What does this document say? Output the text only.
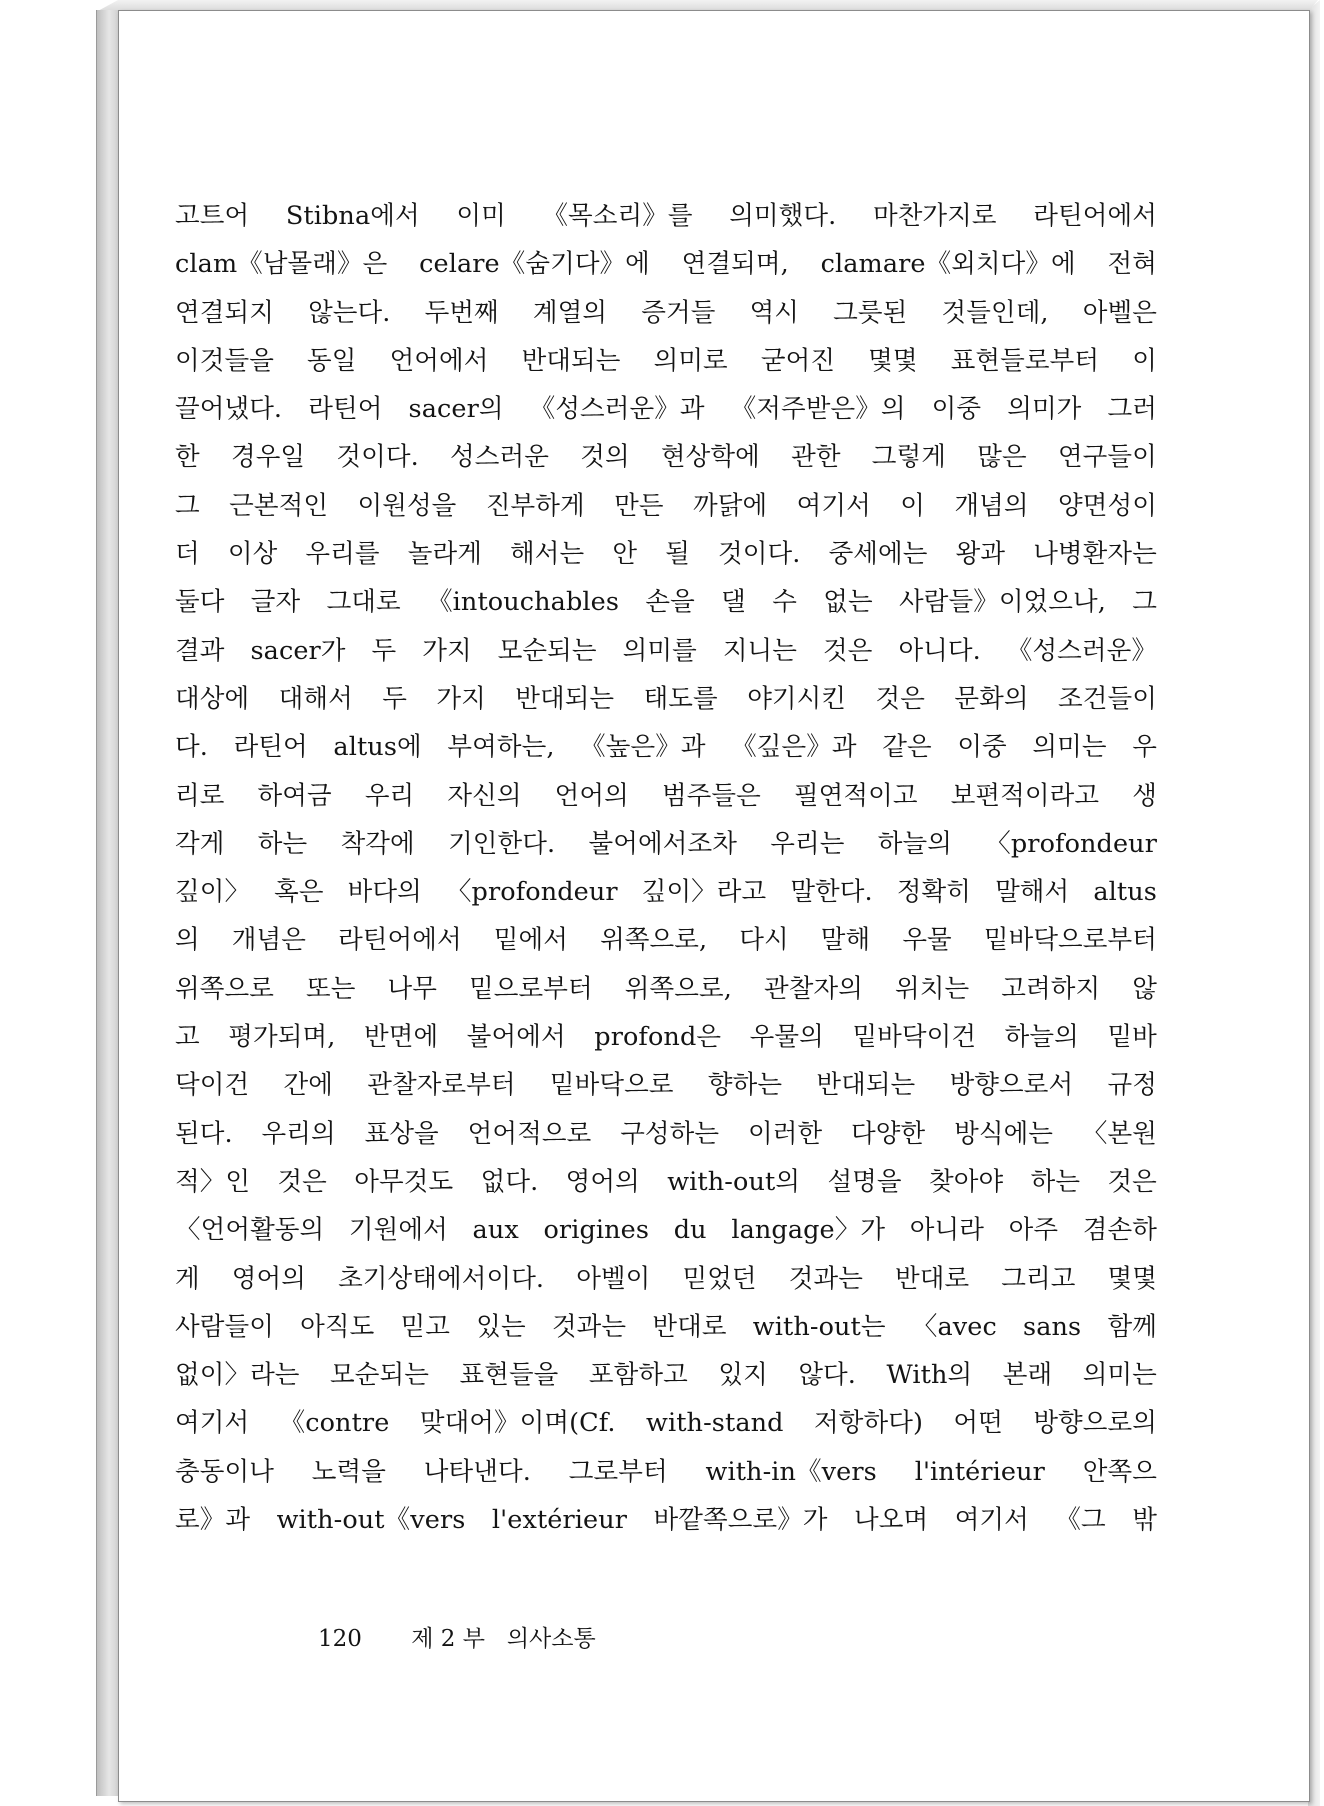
고트어 Stibna에서 이미 《목소리》를 의미했다. 마찬가지로 라틴어에서
clam《남몰래》은 celare《숨기다》에 연결되며, clamare《외치다》에 전혀
연결되지 않는다. 두번째 계열의 증거들 역시 그릇된 것들인데, 아벨은
이것들을 동일 언어에서 반대되는 의미로 굳어진 몇몇 표현들로부터 이
끌어냈다. 라틴어 sacer의 《성스러운》과 《저주받은》의 이중 의미가 그러
한 경우일 것이다. 성스러운 것의 현상학에 관한 그렇게 많은 연구들이
그 근본적인 이원성을 진부하게 만든 까닭에 여기서 이 개념의 양면성이
더 이상 우리를 놀라게 해서는 안 될 것이다. 중세에는 왕과 나병환자는
둘다 글자 그대로 《intouchables 손을 댈 수 없는 사람들》이었으나, 그
결과 sacer가 두 가지 모순되는 의미를 지니는 것은 아니다. 《성스러운》
대상에 대해서 두 가지 반대되는 태도를 야기시킨 것은 문화의 조건들이
다. 라틴어 altus에 부여하는, 《높은》과 《깊은》과 같은 이중 의미는 우
리로 하여금 우리 자신의 언어의 범주들은 필연적이고 보편적이라고 생
각게 하는 착각에 기인한다. 불어에서조차 우리는 하늘의 〈profondeur
깊이〉 혹은 바다의 〈profondeur 깊이〉라고 말한다. 정확히 말해서 altus
의 개념은 라틴어에서 밑에서 위쪽으로, 다시 말해 우물 밑바닥으로부터
위쪽으로 또는 나무 밑으로부터 위쪽으로, 관찰자의 위치는 고려하지 않
고 평가되며, 반면에 불어에서 profond은 우물의 밑바닥이건 하늘의 밑바
닥이건 간에 관찰자로부터 밑바닥으로 향하는 반대되는 방향으로서 규정
된다. 우리의 표상을 언어적으로 구성하는 이러한 다양한 방식에는 〈본원
적〉인 것은 아무것도 없다. 영어의 with-out의 설명을 찾아야 하는 것은
〈언어활동의 기원에서 aux origines du langage〉가 아니라 아주 겸손하
게 영어의 초기상태에서이다. 아벨이 믿었던 것과는 반대로 그리고 몇몇
사람들이 아직도 믿고 있는 것과는 반대로 with-out는 〈avec sans 함께
없이〉라는 모순되는 표현들을 포함하고 있지 않다. With의 본래 의미는
여기서 《contre 맞대어》이며(Cf. with-stand 저항하다) 어떤 방향으로의
충동이나 노력을 나타낸다. 그로부터 with-in《vers l'intérieur 안쪽으
로》과 with-out《vers l'extérieur 바깥쪽으로》가 나오며 여기서 《그 밖
120 제 2 부   의사소통
